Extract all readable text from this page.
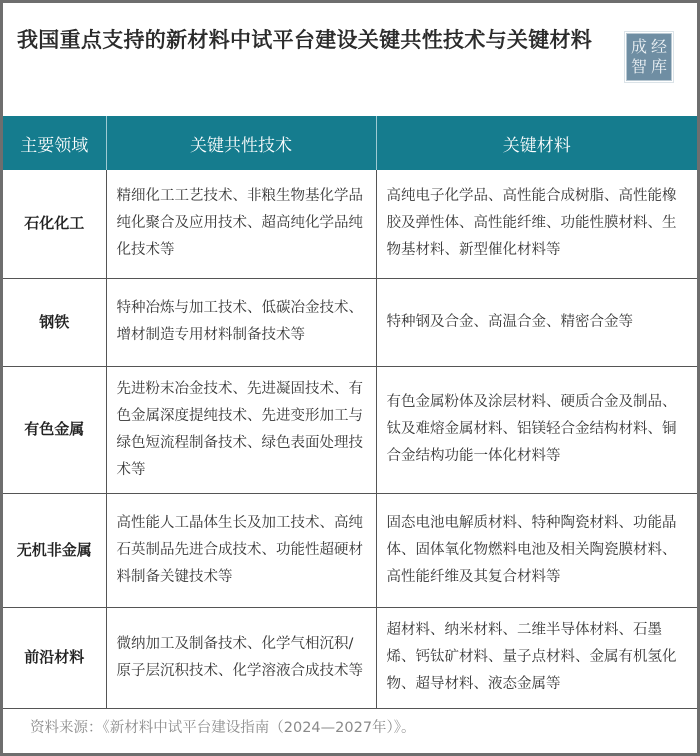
我国重点支持的新材料中试平台建设关键共性技术与关键材料	成 经
智 库
主要领域	关键共性技术	关键材料
石化化工	精细化工工艺技术、非粮生物基化学品纯化聚合及应用技术、超高纯化学品纯化技术等	高纯电子化学品、高性能合成树脂、高性能橡胶及弹性体、高性能纤维、功能性膜材料、生物基材料、新型催化材料等
钢铁	特种冶炼与加工技术、低碳冶金技术、增材制造专用材料制备技术等	特种钢及合金、高温合金、精密合金等
有色金属	先进粉末冶金技术、先进凝固技术、有色金属深度提纯技术、先进变形加工与绿色短流程制备技术、绿色表面处理技术等	有色金属粉体及涂层材料、硬质合金及制品、钛及难熔金属材料、铝镁轻合金结构材料、铜合金结构功能一体化材料等
无机非金属	高性能人工晶体生长及加工技术、高纯石英制品先进合成技术、功能性超硬材料制备关键技术等	固态电池电解质材料、特种陶瓷材料、功能晶体、固体氧化物燃料电池及相关陶瓷膜材料、高性能纤维及其复合材料等
前沿材料	微纳加工及制备技术、化学气相沉积/原子层沉积技术、化学溶液合成技术等	超材料、纳米材料、二维半导体材料、石墨烯、钙钛矿材料、量子点材料、金属有机氢化物、超导材料、液态金属等
资料来源：《新材料中试平台建设指南（2024—2027年）》。
